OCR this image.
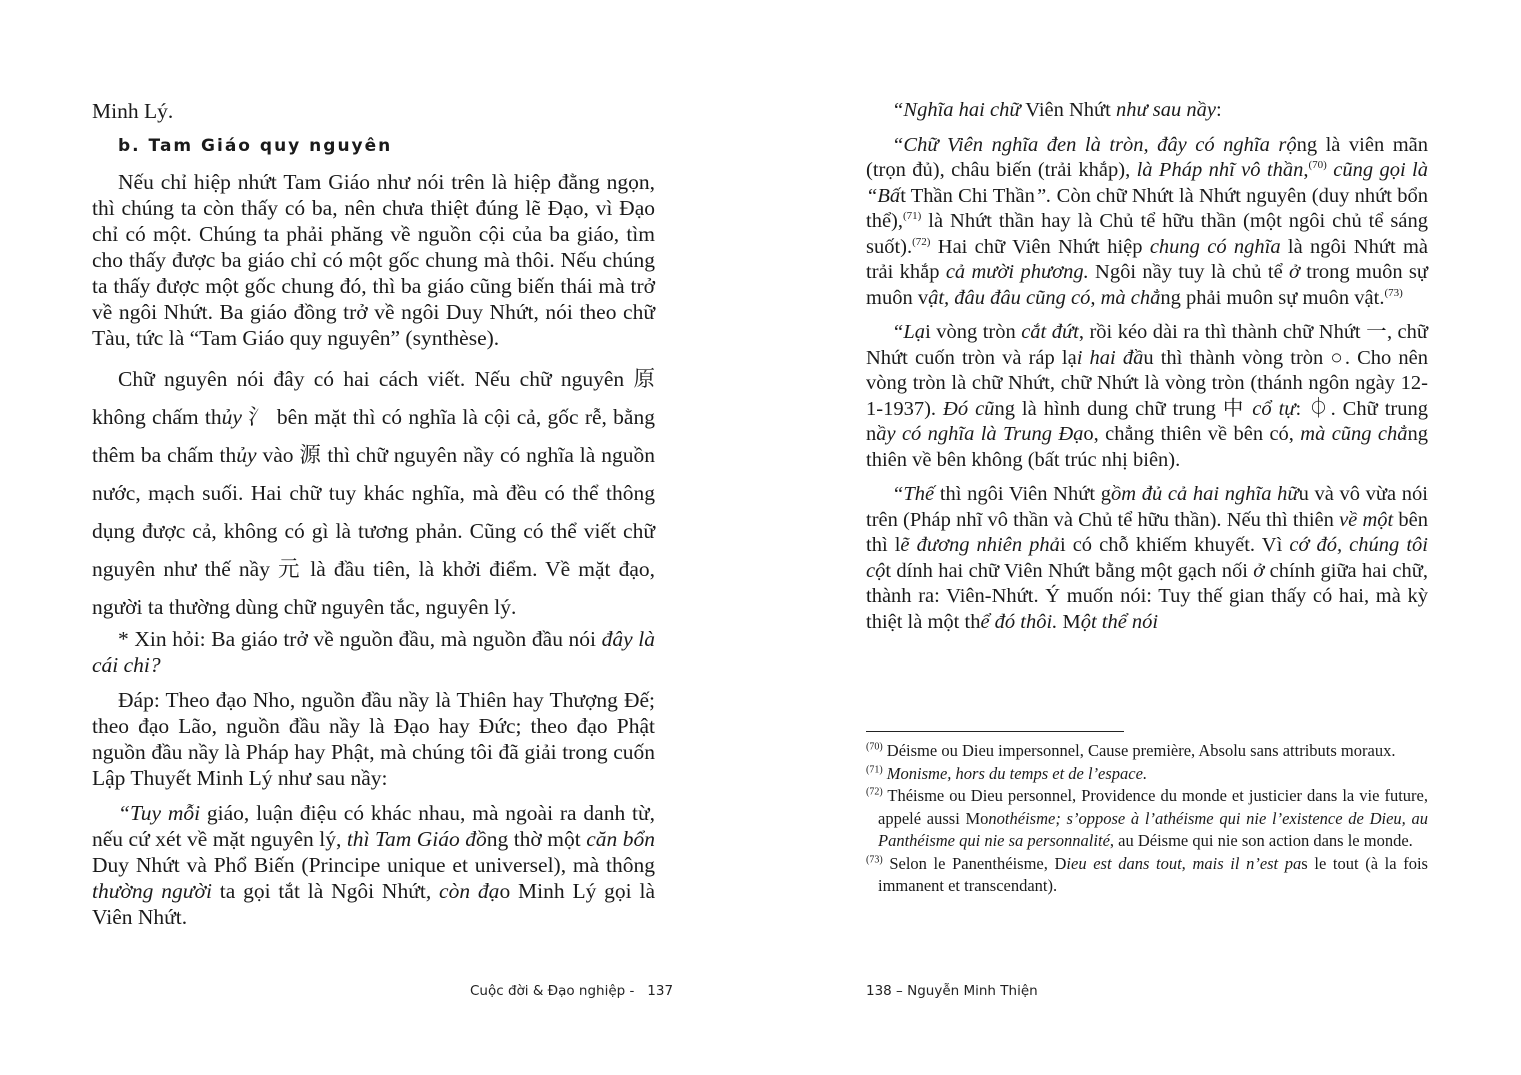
Minh Lý.

b. Tam Giáo quy nguyên

Nếu chỉ hiệp nhứt Tam Giáo như nói trên là hiệp đằng ngọn, thì chúng ta còn thấy có ba, nên chưa thiệt đúng lẽ Đạo, vì Đạo chỉ có một. Chúng ta phải phăng về nguồn cội của ba giáo, tìm cho thấy được ba giáo chỉ có một gốc chung mà thôi. Nếu chúng ta thấy được một gốc chung đó, thì ba giáo cũng biến thái mà trở về ngôi Nhứt. Ba giáo đồng trở về ngôi Duy Nhứt, nói theo chữ Tàu, tức là “Tam Giáo quy nguyên” (synthèse).

Chữ nguyên nói đây có hai cách viết. Nếu chữ nguyên 原 không chấm thủy 氵 bên mặt thì có nghĩa là cội cả, gốc rễ, bằng thêm ba chấm thủy vào 源 thì chữ nguyên nầy có nghĩa là nguồn nước, mạch suối. Hai chữ tuy khác nghĩa, mà đều có thể thông dụng được cả, không có gì là tương phản. Cũng có thể viết chữ nguyên như thế nầy 元 là đầu tiên, là khởi điểm. Về mặt đạo, người ta thường dùng chữ nguyên tắc, nguyên lý.

* Xin hỏi: Ba giáo trở về nguồn đầu, mà nguồn đầu nói đây là cái chi?

Đáp: Theo đạo Nho, nguồn đầu nầy là Thiên hay Thượng Đế; theo đạo Lão, nguồn đầu nầy là Đạo hay Đức; theo đạo Phật nguồn đầu nầy là Pháp hay Phật, mà chúng tôi đã giải trong cuốn Lập Thuyết Minh Lý như sau nầy:

“Tuy mỗi giáo, luận điệu có khác nhau, mà ngoài ra danh từ, nếu cứ xét về mặt nguyên lý, thì Tam Giáo đồng thờ một căn bổn Duy Nhứt và Phổ Biến (Principe unique et universel), mà thông thường người ta gọi tắt là Ngôi Nhứt, còn đạo Minh Lý gọi là Viên Nhứt.

“Nghĩa hai chữ Viên Nhứt như sau nầy:

“Chữ Viên nghĩa đen là tròn, đây có nghĩa rộng là viên mãn (trọn đủ), châu biến (trải khắp), là Pháp nhĩ vô thần,$^{(70)}$ cũng gọi là “Bất Thần Chi Thần”. Còn chữ Nhứt là Nhứt nguyên (duy nhứt bổn thể),$^{(71)}$ là Nhứt thần hay là Chủ tể hữu thần (một ngôi chủ tể sáng suốt).$^{(72)}$ Hai chữ Viên Nhứt hiệp chung có nghĩa là ngôi Nhứt mà trải khắp cả mười phương. Ngôi nầy tuy là chủ tể ở trong muôn sự muôn vật, đâu đâu cũng có, mà chẳng phải muôn sự muôn vật.$^{(73)}$

“Lại vòng tròn cắt đứt, rồi kéo dài ra thì thành chữ Nhứt 一, chữ Nhứt cuốn tròn và ráp lại hai đầu thì thành vòng tròn ○. Cho nên vòng tròn là chữ Nhứt, chữ Nhứt là vòng tròn (thánh ngôn ngày 12-1-1937). Đó cũng là hình dung chữ trung 中 cổ tự: ⏀. Chữ trung nầy có nghĩa là Trung Đạo, chẳng thiên về bên có, mà cũng chẳng thiên về bên không (bất trúc nhị biên).

“Thế thì ngôi Viên Nhứt gồm đủ cả hai nghĩa hữu và vô vừa nói trên (Pháp nhĩ vô thần và Chủ tể hữu thần). Nếu thì thiên về một bên thì lẽ đương nhiên phải có chỗ khiếm khuyết. Vì cớ đó, chúng tôi cột dính hai chữ Viên Nhứt bằng một gạch nối ở chính giữa hai chữ, thành ra: Viên-Nhứt. Ý muốn nói: Tuy thế gian thấy có hai, mà kỳ thiệt là một thể đó thôi. Một thể nói

$^{(70)}$ Déisme ou Dieu impersonnel, Cause première, Absolu sans attributs moraux.

$^{(71)}$ Monisme, hors du temps et de l’espace.

$^{(72)}$ Théisme ou Dieu personnel, Providence du monde et justicier dans la vie future, appelé aussi Monothéisme; s’oppose à l’athéisme qui nie l’existence de Dieu, au Panthéisme qui nie sa personnalité, au Déisme qui nie son action dans le monde.

$^{(73)}$ Selon le Panenthéisme, Dieu est dans tout, mais il n’est pas le tout (à la fois immanent et transcendant).

Cuộc đời & Đạo nghiệp -   137	138 – Nguyễn Minh Thiện
